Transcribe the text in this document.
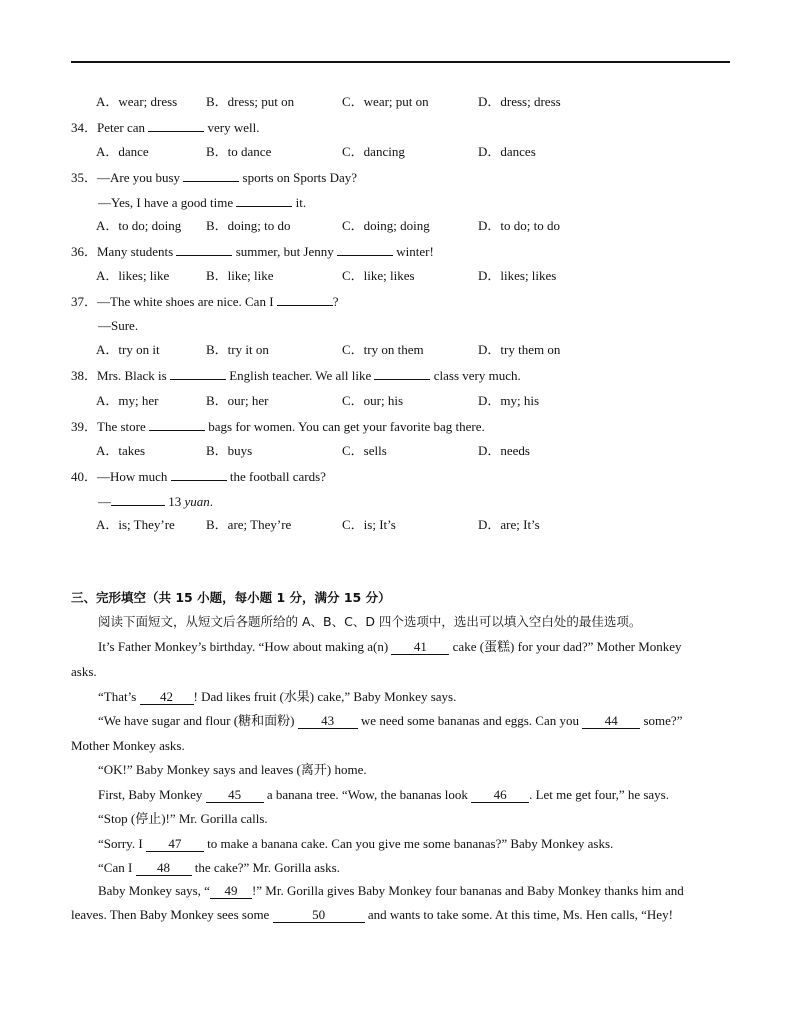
A．wear; dress B．dress; put on	C．wear; put on	D．dress; dress
34．Peter can	very well.
A．dance	B．to dance	C．dancing	D．dances
35．—Are you busy	sports on Sports Day?
—Yes, I have a good time	it.
A．to do; doing B．doing; to do	C．doing; doing	D．to do; to do
36．Many students	summer, but Jenny	winter!
A．likes; like	B．like; like	C．like; likes	D．likes; likes
37．—The white shoes are nice. Can I	?
—Sure.
A．try on it	B．try it on	C．try on them	D．try them on
38．Mrs. Black is	English teacher. We all like	class very much.
A．my; her	B．our; her	C．our; his	D．my; his
39．The store	bags for women. You can get your favorite bag there.
A．takes	B．buys	C．sells	D．needs
40．—How much	the football cards?
—	13 yuan.
A．is; They’re B．are; They’re	C．is; It’s	D．are; It’s
三、完形填空（共 15 小题，每小题 1 分，满分 15 分）
阅读下面短文，从短文后各题所给的 A、B、C、D 四个选项中，选出可以填入空白处的最佳选项。
It’s Father Monkey’s birthday. “How about making a(n) 41 cake (蛋糕) for your dad?” Mother Monkey
asks.
“That’s 42 ! Dad likes fruit (水果) cake,” Baby Monkey says.
“We have sugar and flour (糖和面粉) 43 we need some bananas and eggs. Can you 44 some?”
Mother Monkey asks.
“OK!” Baby Monkey says and leaves (离开) home.
First, Baby Monkey 45 a banana tree. “Wow, the bananas look 46 . Let me get four,” he says.
“Stop (停止)!” Mr. Gorilla calls.
“Sorry. I 47 to make a banana cake. Can you give me some bananas?” Baby Monkey asks.
“Can I 48 the cake?” Mr. Gorilla asks.
Baby Monkey says, “ 49 !” Mr. Gorilla gives Baby Monkey four bananas and Baby Monkey thanks him and
leaves. Then Baby Monkey sees some	50	and wants to take some. At this time, Ms. Hen calls, “Hey!
